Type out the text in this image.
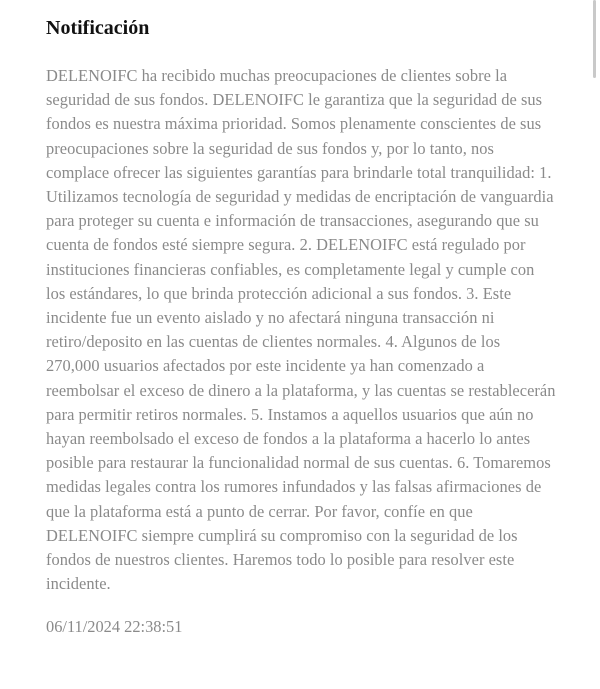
Notificación

DELENOIFC ha recibido muchas preocupaciones de clientes sobre la seguridad de sus fondos. DELENOIFC le garantiza que la seguridad de sus fondos es nuestra máxima prioridad. Somos plenamente conscientes de sus preocupaciones sobre la seguridad de sus fondos y, por lo tanto, nos complace ofrecer las siguientes garantías para brindarle total tranquilidad: 1. Utilizamos tecnología de seguridad y medidas de encriptación de vanguardia para proteger su cuenta e información de transacciones, asegurando que su cuenta de fondos esté siempre segura. 2. DELENOIFC está regulado por instituciones financieras confiables, es completamente legal y cumple con los estándares, lo que brinda protección adicional a sus fondos. 3. Este incidente fue un evento aislado y no afectará ninguna transacción ni retiro/deposito en las cuentas de clientes normales. 4. Algunos de los 270,000 usuarios afectados por este incidente ya han comenzado a reembolsar el exceso de dinero a la plataforma, y las cuentas se restablecerán para permitir retiros normales. 5. Instamos a aquellos usuarios que aún no hayan reembolsado el exceso de fondos a la plataforma a hacerlo lo antes posible para restaurar la funcionalidad normal de sus cuentas. 6. Tomaremos medidas legales contra los rumores infundados y las falsas afirmaciones de que la plataforma está a punto de cerrar. Por favor, confíe en que DELENOIFC siempre cumplirá su compromiso con la seguridad de los fondos de nuestros clientes. Haremos todo lo posible para resolver este incidente.

06/11/2024 22:38:51
